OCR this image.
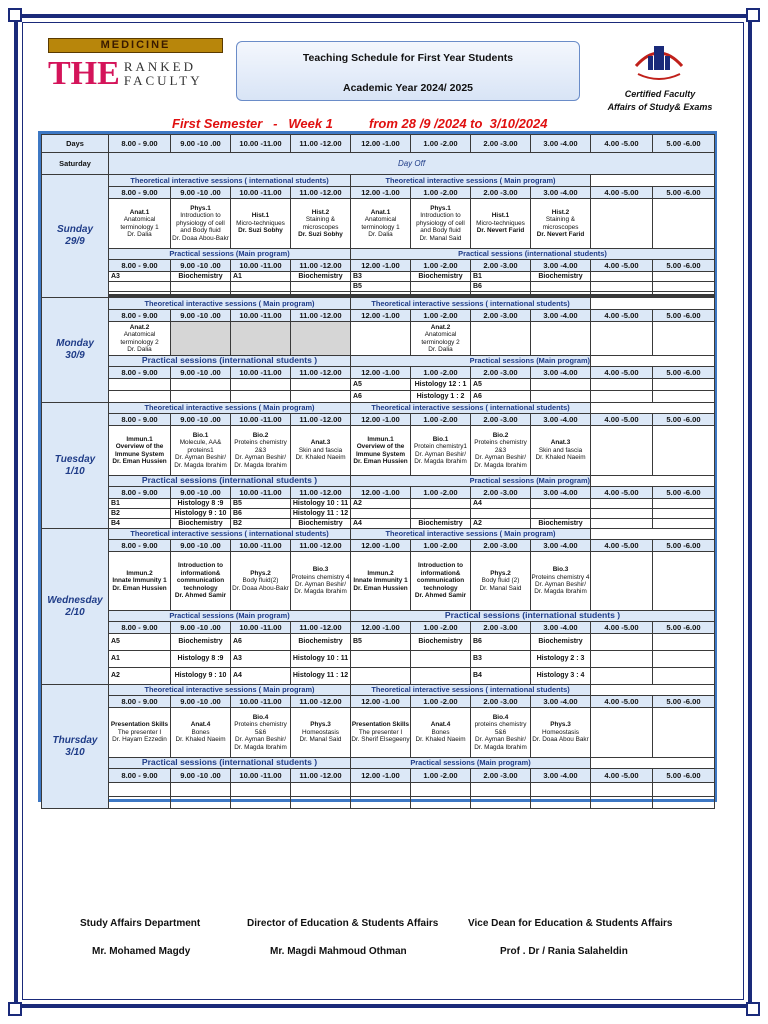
MEDICINE
THE RANKED
FACULTY
Teaching Schedule for First Year Students
Academic Year 2024/ 2025	Certified Faculty
Affairs of Study& Exams
First Semester   -   Week 1          from 28 /9 /2024 to  3/10/2024
Days	8.00 - 9.00	9.00 -10 .00	10.00 -11.00	11.00 -12.00	12.00 -1.00	1.00 -2.00	2.00 -3.00	3.00 -4.00	4.00 -5.00	5.00 -6.00
Saturday	Day Off									
Sunday
29/9	Theoretical interactive sessions ( international students)				Theoretical interactive sessions ( Main program)					
	8.00 - 9.00	9.00 -10 .00	10.00 -11.00	11.00 -12.00	12.00 -1.00	1.00 -2.00	2.00 -3.00	3.00 -4.00	4.00 -5.00	5.00 -6.00
	Anat.1
Anatomical terminology 1
Dr. Dalia	Phys.1
Introduction to physiology of cell and Body fluid
Dr. Doaa Abou-Bakr	Hist.1
Micro-techniques
Dr. Suzi Sobhy	Hist.2
Staining & microscopes
Dr. Suzi Sobhy	Anat.1
Anatomical terminology 1
Dr. Dalia	Phys.1
Introduction to physiology of cell and Body fluid
Dr. Manal Said	Hist.1
Micro-techniques
Dr. Nevert Farid	Hist.2
Staining & microscopes
Dr. Nevert Farid		
	Practical sessions (Main program)				Practical sessions (international students)					
	8.00 - 9.00	9.00 -10 .00	10.00 -11.00	11.00 -12.00	12.00 -1.00	1.00 -2.00	2.00 -3.00	3.00 -4.00	4.00 -5.00	5.00 -6.00
	A3	Biochemistry	A1	Biochemistry	B3	Biochemistry	B1	Biochemistry		
					B5		B6			

Monday
30/9	Theoretical interactive sessions ( Main program)				Theoretical interactive sessions ( international students)					
	8.00 - 9.00	9.00 -10 .00	10.00 -11.00	11.00 -12.00	12.00 -1.00	1.00 -2.00	2.00 -3.00	3.00 -4.00	4.00 -5.00	5.00 -6.00
	Anat.2
Anatomical terminology 2
Dr. Dalia					Anat.2
Anatomical terminology 2
Dr. Dalia				
	Practical sessions (international students )				Practical sessions (Main program)					
	8.00 - 9.00	9.00 -10 .00	10.00 -11.00	11.00 -12.00	12.00 -1.00	1.00 -2.00	2.00 -3.00	3.00 -4.00	4.00 -5.00	5.00 -6.00
					A5	Histology 12 : 1	A5			
					A6	Histology 1 : 2	A6			
Tuesday
1/10	Theoretical interactive sessions ( Main program)				Theoretical interactive sessions ( international students)					
	8.00 - 9.00	9.00 -10 .00	10.00 -11.00	11.00 -12.00	12.00 -1.00	1.00 -2.00	2.00 -3.00	3.00 -4.00	4.00 -5.00	5.00 -6.00
	Immun.1
Overview of the Immune System
Dr. Eman Hussien	Bio.1
Molecule, AA& proteins1
Dr. Ayman Beshir/ Dr. Magda Ibrahim	Bio.2
Proteins chemistry 2&3
Dr. Ayman Beshir/ Dr. Magda Ibrahim	Anat.3
Skin and fascia
Dr. Khaled Naeim	Immun.1
Overview of the Immune System
Dr. Eman Hussien	Bio.1
Protein chemistry1
Dr. Ayman Beshir/ Dr. Magda Ibrahim	Bio.2
Proteins chemistry 2&3
Dr. Ayman Beshir/ Dr. Magda Ibrahim	Anat.3
Skin and fascia
Dr. Khaled Naeim		
	Practical sessions (international students )				Practical sessions (Main program)					
	8.00 - 9.00	9.00 -10 .00	10.00 -11.00	11.00 -12.00	12.00 -1.00	1.00 -2.00	2.00 -3.00	3.00 -4.00	4.00 -5.00	5.00 -6.00
	B1	Histology 8 :9	B5	Histology 10 : 11	A2		A4			
	B2	Histology 9 : 10	B6	Histology 11 : 12						
	B4	Biochemistry	B2	Biochemistry	A4	Biochemistry	A2	Biochemistry		
Wednesday
2/10	Theoretical interactive sessions ( international students)				Theoretical interactive sessions ( Main program)					
	8.00 - 9.00	9.00 -10 .00	10.00 -11.00	11.00 -12.00	12.00 -1.00	1.00 -2.00	2.00 -3.00	3.00 -4.00	4.00 -5.00	5.00 -6.00
	Immun.2
Innate Immunity 1
Dr. Eman Hussien	Introduction to information& communication technology
Dr. Ahmed Samir	Phys.2
Body fluid(2)
Dr. Doaa Abou-Bakr	Bio.3
Proteins chemistry 4
Dr. Ayman Beshir/ Dr. Magda Ibrahim	Immun.2
Innate Immunity 1
Dr. Eman Hussien	Introduction to information& communication technology
Dr. Ahmed Samir	Phys.2
Body fluid (2)
Dr. Manal Said	Bio.3
Proteins chemistry 4
Dr. Ayman Beshir/ Dr. Magda Ibrahim		
	Practical sessions (Main program)				Practical sessions (international students )					
	8.00 - 9.00	9.00 -10 .00	10.00 -11.00	11.00 -12.00	12.00 -1.00	1.00 -2.00	2.00 -3.00	3.00 -4.00	4.00 -5.00	5.00 -6.00
	A5	Biochemistry	A6	Biochemistry	B5	Biochemistry	B6	Biochemistry		
	A1	Histology 8 :9	A3	Histology 10 : 11			B3	Histology 2 : 3		
	A2	Histology 9 : 10	A4	Histology 11 : 12			B4	Histology 3 : 4		
Thursday
3/10	Theoretical interactive sessions ( Main program)				Theoretical interactive sessions ( international students)					
	8.00 - 9.00	9.00 -10 .00	10.00 -11.00	11.00 -12.00	12.00 -1.00	1.00 -2.00	2.00 -3.00	3.00 -4.00	4.00 -5.00	5.00 -6.00
	Presentation Skills
The presenter I
Dr. Hayam Ezzedin	Anat.4
Bones
Dr. Khaled Naeim	Bio.4
Proteins chemistry 5&6
Dr. Ayman Beshir/ Dr. Magda Ibrahim	Phys.3
Homeostasis
Dr. Manal Said	Presentation Skills
The presenter I
Dr. Sherif Elsegeeny	Anat.4
Bones
Dr. Khaled Naeim	Bio.4
proteins chemistry 5&6
Dr. Ayman Beshir/ Dr. Magda Ibrahim	Phys.3
Homeostasis
Dr. Doaa Abou Bakr		
	Practical sessions (international students )				Practical sessions (Main program)					
	8.00 - 9.00	9.00 -10 .00	10.00 -11.00	11.00 -12.00	12.00 -1.00	1.00 -2.00	2.00 -3.00	3.00 -4.00	4.00 -5.00	5.00 -6.00

Study Affairs Department	Director of Education & Students Affairs	Vice Dean for Education & Students Affairs
Mr. Mohamed Magdy	Mr. Magdi Mahmoud Othman	Prof . Dr / Rania Salaheldin
